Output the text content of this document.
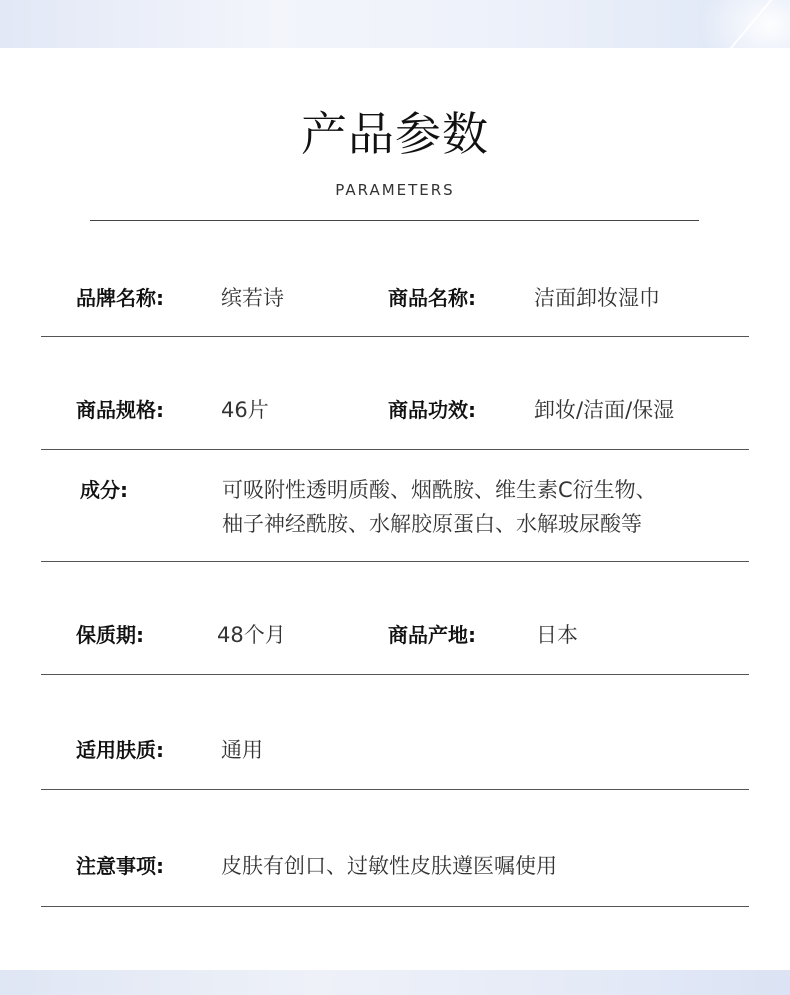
产品参数
PARAMETERS
品牌名称:	缤若诗	商品名称:	洁面卸妆湿巾
商品规格:	46片	商品功效:	卸妆/洁面/保湿
成分:	可吸附性透明质酸、烟酰胺、维生素C衍生物、
柚子神经酰胺、水解胶原蛋白、水解玻尿酸等
保质期:	48个月	商品产地:	日本
适用肤质:	通用
注意事项:	皮肤有创口、过敏性皮肤遵医嘱使用
